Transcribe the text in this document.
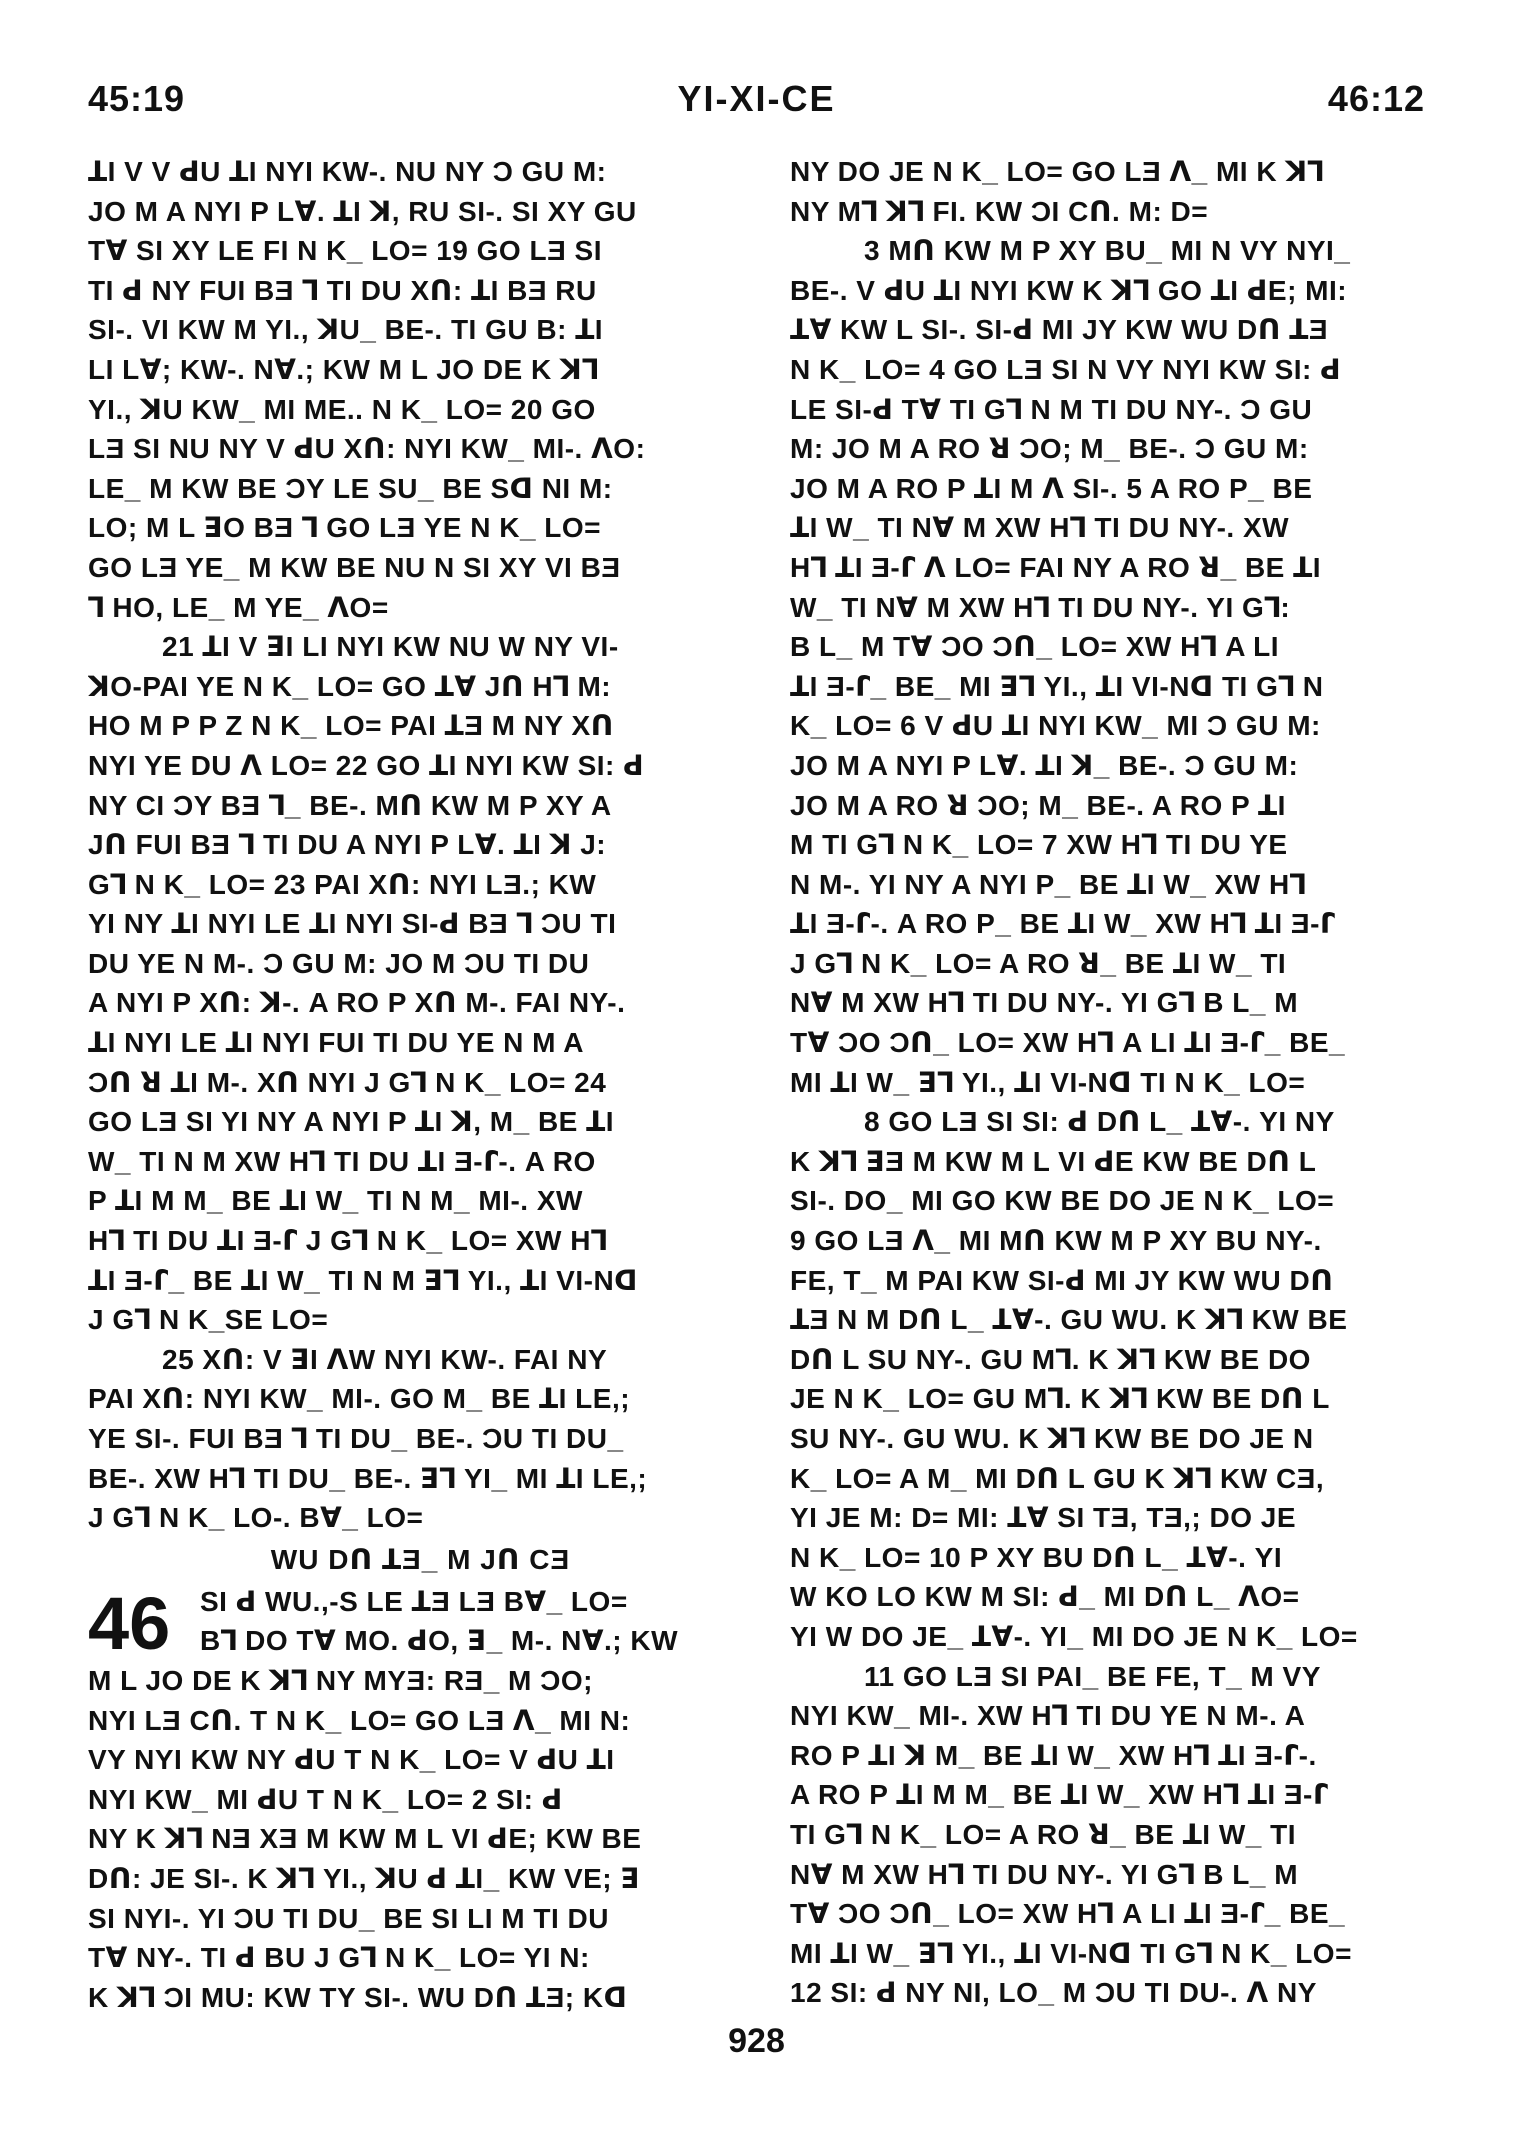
45:19	YI-XI-CE	46:12
ꓕI V V ꓒU ꓕI NYI KW-. NU NY Ͻ GU M:
JO M A NYI P Lꓯ. ꓕI ꓘ, RU SI-. SI XY GU
Tꓯ SI XY LE FI N K_ LO= 19 GO LƎ SI
TI ꓒ NY FUI BƎ ꓶ TI DU Xꓵ: ꓕI BƎ RU
SI-. VI KW M YI., ꓘU_ BE-. TI GU B: ꓕI
LI Lꓯ; KW-. Nꓯ.; KW M L JO DE K ꓘꓶ
YI., ꓘU KW_ MI ME.. N K_ LO= 20 GO
LƎ SI NU NY V ꓒU Xꓵ: NYI KW_ MI-. ꓥO:
LE_ M KW BE ϽY LE SU_ BE Sꓷ NI M:
LO; M L ꓱO BƎ ꓶ GO LƎ YE N K_ LO=
GO LƎ YE_ M KW BE NU N SI XY VI BƎ
ꓶ HO, LE_ M YE_ ꓥO=
21 ꓕI V ꓱI LI NYI KW NU W NY VI-
ꓘO-PAI YE N K_ LO= GO ꓕꓯ Jꓵ Hꓶ M:
HO M P P Z N K_ LO= PAI ꓕƎ M NY Xꓵ
NYI YE DU ꓥ LO= 22 GO ꓕI NYI KW SI: ꓒ
NY CI ϽY BƎ ꓶ_ BE-. Mꓵ KW M P XY A
Jꓵ FUI BƎ ꓶ TI DU A NYI P Lꓯ. ꓕI ꓘ J:
Gꓶ N K_ LO= 23 PAI Xꓵ: NYI LƎ.; KW
YI NY ꓕI NYI LE ꓕI NYI SI-ꓒ BƎ ꓶ ϽU TI
DU YE N M-. Ͻ GU M: JO M ϽU TI DU
A NYI P Xꓵ: ꓘ-. A RO P Xꓵ M-. FAI NY-.
ꓕI NYI LE ꓕI NYI FUI TI DU YE N M A
Ͻꓵ ꓤ ꓕI M-. Xꓵ NYI J Gꓶ N K_ LO= 24
GO LƎ SI YI NY A NYI P ꓕI ꓘ, M_ BE ꓕI
W_ TI N M XW Hꓶ TI DU ꓕI Ǝ-ꓩ-. A RO
P ꓕI M M_ BE ꓕI W_ TI N M_ MI-. XW
Hꓶ TI DU ꓕI Ǝ-ꓩ J Gꓶ N K_ LO= XW Hꓶ
ꓕI Ǝ-ꓩ_ BE ꓕI W_ TI N M ꓱꓶ YI., ꓕI VI-Nꓷ
J Gꓶ N K_SE LO=
25 Xꓵ: V ꓱI ꓥW NYI KW-. FAI NY
PAI Xꓵ: NYI KW_ MI-. GO M_ BE ꓕI LE,;
YE SI-. FUI BƎ ꓶ TI DU_ BE-. ϽU TI DU_
BE-. XW Hꓶ TI DU_ BE-. ꓱꓶ YI_ MI ꓕI LE,;
J Gꓶ N K_ LO-. Bꓯ_ LO=
WU Dꓵ ꓕƎ_ M Jꓵ CƎ
46	SI ꓒ WU.,-S LE ꓕƎ LƎ Bꓯ_ LO=
Bꓶ DO Tꓯ MO. ꓒO, ꓱ_ M-. Nꓯ.; KW
M L JO DE K ꓘꓶ NY MYƎ: RƎ_ M ϽO;
NYI LƎ Cꓵ. T N K_ LO= GO LƎ ꓥ_ MI N:
VY NYI KW NY ꓒU T N K_ LO= V ꓒU ꓕI
NYI KW_ MI ꓒU T N K_ LO= 2 SI: ꓒ
NY K ꓘꓶ NƎ XƎ M KW M L VI ꓒE; KW BE
Dꓵ: JE SI-. K ꓘꓶ YI., ꓘU ꓒ ꓕI_ KW VE; ꓱ
SI NYI-. YI ϽU TI DU_ BE SI LI M TI DU
Tꓯ NY-. TI ꓒ BU J Gꓶ N K_ LO= YI N:
K ꓘꓶ ϽI MU: KW TY SI-. WU Dꓵ ꓕƎ; Kꓷ
NY DO JE N K_ LO= GO LƎ ꓥ_ MI K ꓘꓶ
NY Mꓶ ꓘꓶ FI. KW ϽI Cꓵ. M: D=
3 Mꓵ KW M P XY BU_ MI N VY NYI_
BE-. V ꓒU ꓕI NYI KW K ꓘꓶ GO ꓕI ꓒE; MI:
ꓕꓯ KW L SI-. SI-ꓒ MI JY KW WU Dꓵ ꓕƎ
N K_ LO= 4 GO LƎ SI N VY NYI KW SI: ꓒ
LE SI-ꓒ Tꓯ TI Gꓶ N M TI DU NY-. Ͻ GU
M: JO M A RO ꓤ ϽO; M_ BE-. Ͻ GU M:
JO M A RO P ꓕI M ꓥ SI-. 5 A RO P_ BE
ꓕI W_ TI Nꓯ M XW Hꓶ TI DU NY-. XW
Hꓶ ꓕI Ǝ-ꓩ ꓥ LO= FAI NY A RO ꓤ_ BE ꓕI
W_ TI Nꓯ M XW Hꓶ TI DU NY-. YI Gꓶ:
B L_ M Tꓯ ϽO Ͻꓵ_ LO= XW Hꓶ A LI
ꓕI Ǝ-ꓩ_ BE_ MI ꓱꓶ YI., ꓕI VI-Nꓷ TI Gꓶ N
K_ LO= 6 V ꓒU ꓕI NYI KW_ MI Ͻ GU M:
JO M A NYI P Lꓯ. ꓕI ꓘ_ BE-. Ͻ GU M:
JO M A RO ꓤ ϽO; M_ BE-. A RO P ꓕI
M TI Gꓶ N K_ LO= 7 XW Hꓶ TI DU YE
N M-. YI NY A NYI P_ BE ꓕI W_ XW Hꓶ
ꓕI Ǝ-ꓩ-. A RO P_ BE ꓕI W_ XW Hꓶ ꓕI Ǝ-ꓩ
J Gꓶ N K_ LO= A RO ꓤ_ BE ꓕI W_ TI
Nꓯ M XW Hꓶ TI DU NY-. YI Gꓶ B L_ M
Tꓯ ϽO Ͻꓵ_ LO= XW Hꓶ A LI ꓕI Ǝ-ꓩ_ BE_
MI ꓕI W_ ꓱꓶ YI., ꓕI VI-Nꓷ TI N K_ LO=
8 GO LƎ SI SI: ꓒ Dꓵ L_ ꓕꓯ-. YI NY
K ꓘꓶ ꓱƎ M KW M L VI ꓒE KW BE Dꓵ L
SI-. DO_ MI GO KW BE DO JE N K_ LO=
9 GO LƎ ꓥ_ MI Mꓵ KW M P XY BU NY-.
FE, T_ M PAI KW SI-ꓒ MI JY KW WU Dꓵ
ꓕƎ N M Dꓵ L_ ꓕꓯ-. GU WU. K ꓘꓶ KW BE
Dꓵ L SU NY-. GU Mꓶ. K ꓘꓶ KW BE DO
JE N K_ LO= GU Mꓶ. K ꓘꓶ KW BE Dꓵ L
SU NY-. GU WU. K ꓘꓶ KW BE DO JE N
K_ LO= A M_ MI Dꓵ L GU K ꓘꓶ KW CƎ,
YI JE M: D= MI: ꓕꓯ SI TƎ, TƎ,; DO JE
N K_ LO= 10 P XY BU Dꓵ L_ ꓕꓯ-. YI
W KO LO KW M SI: ꓒ_ MI Dꓵ L_ ꓥO=
YI W DO JE_ ꓕꓯ-. YI_ MI DO JE N K_ LO=
11 GO LƎ SI PAI_ BE FE, T_ M VY
NYI KW_ MI-. XW Hꓶ TI DU YE N M-. A
RO P ꓕI ꓘ M_ BE ꓕI W_ XW Hꓶ ꓕI Ǝ-ꓩ-.
A RO P ꓕI M M_ BE ꓕI W_ XW Hꓶ ꓕI Ǝ-ꓩ
TI Gꓶ N K_ LO= A RO ꓤ_ BE ꓕI W_ TI
Nꓯ M XW Hꓶ TI DU NY-. YI Gꓶ B L_ M
Tꓯ ϽO Ͻꓵ_ LO= XW Hꓶ A LI ꓕI Ǝ-ꓩ_ BE_
MI ꓕI W_ ꓱꓶ YI., ꓕI VI-Nꓷ TI Gꓶ N K_ LO=
12 SI: ꓒ NY NI, LO_ M ϽU TI DU-. ꓥ NY
928
